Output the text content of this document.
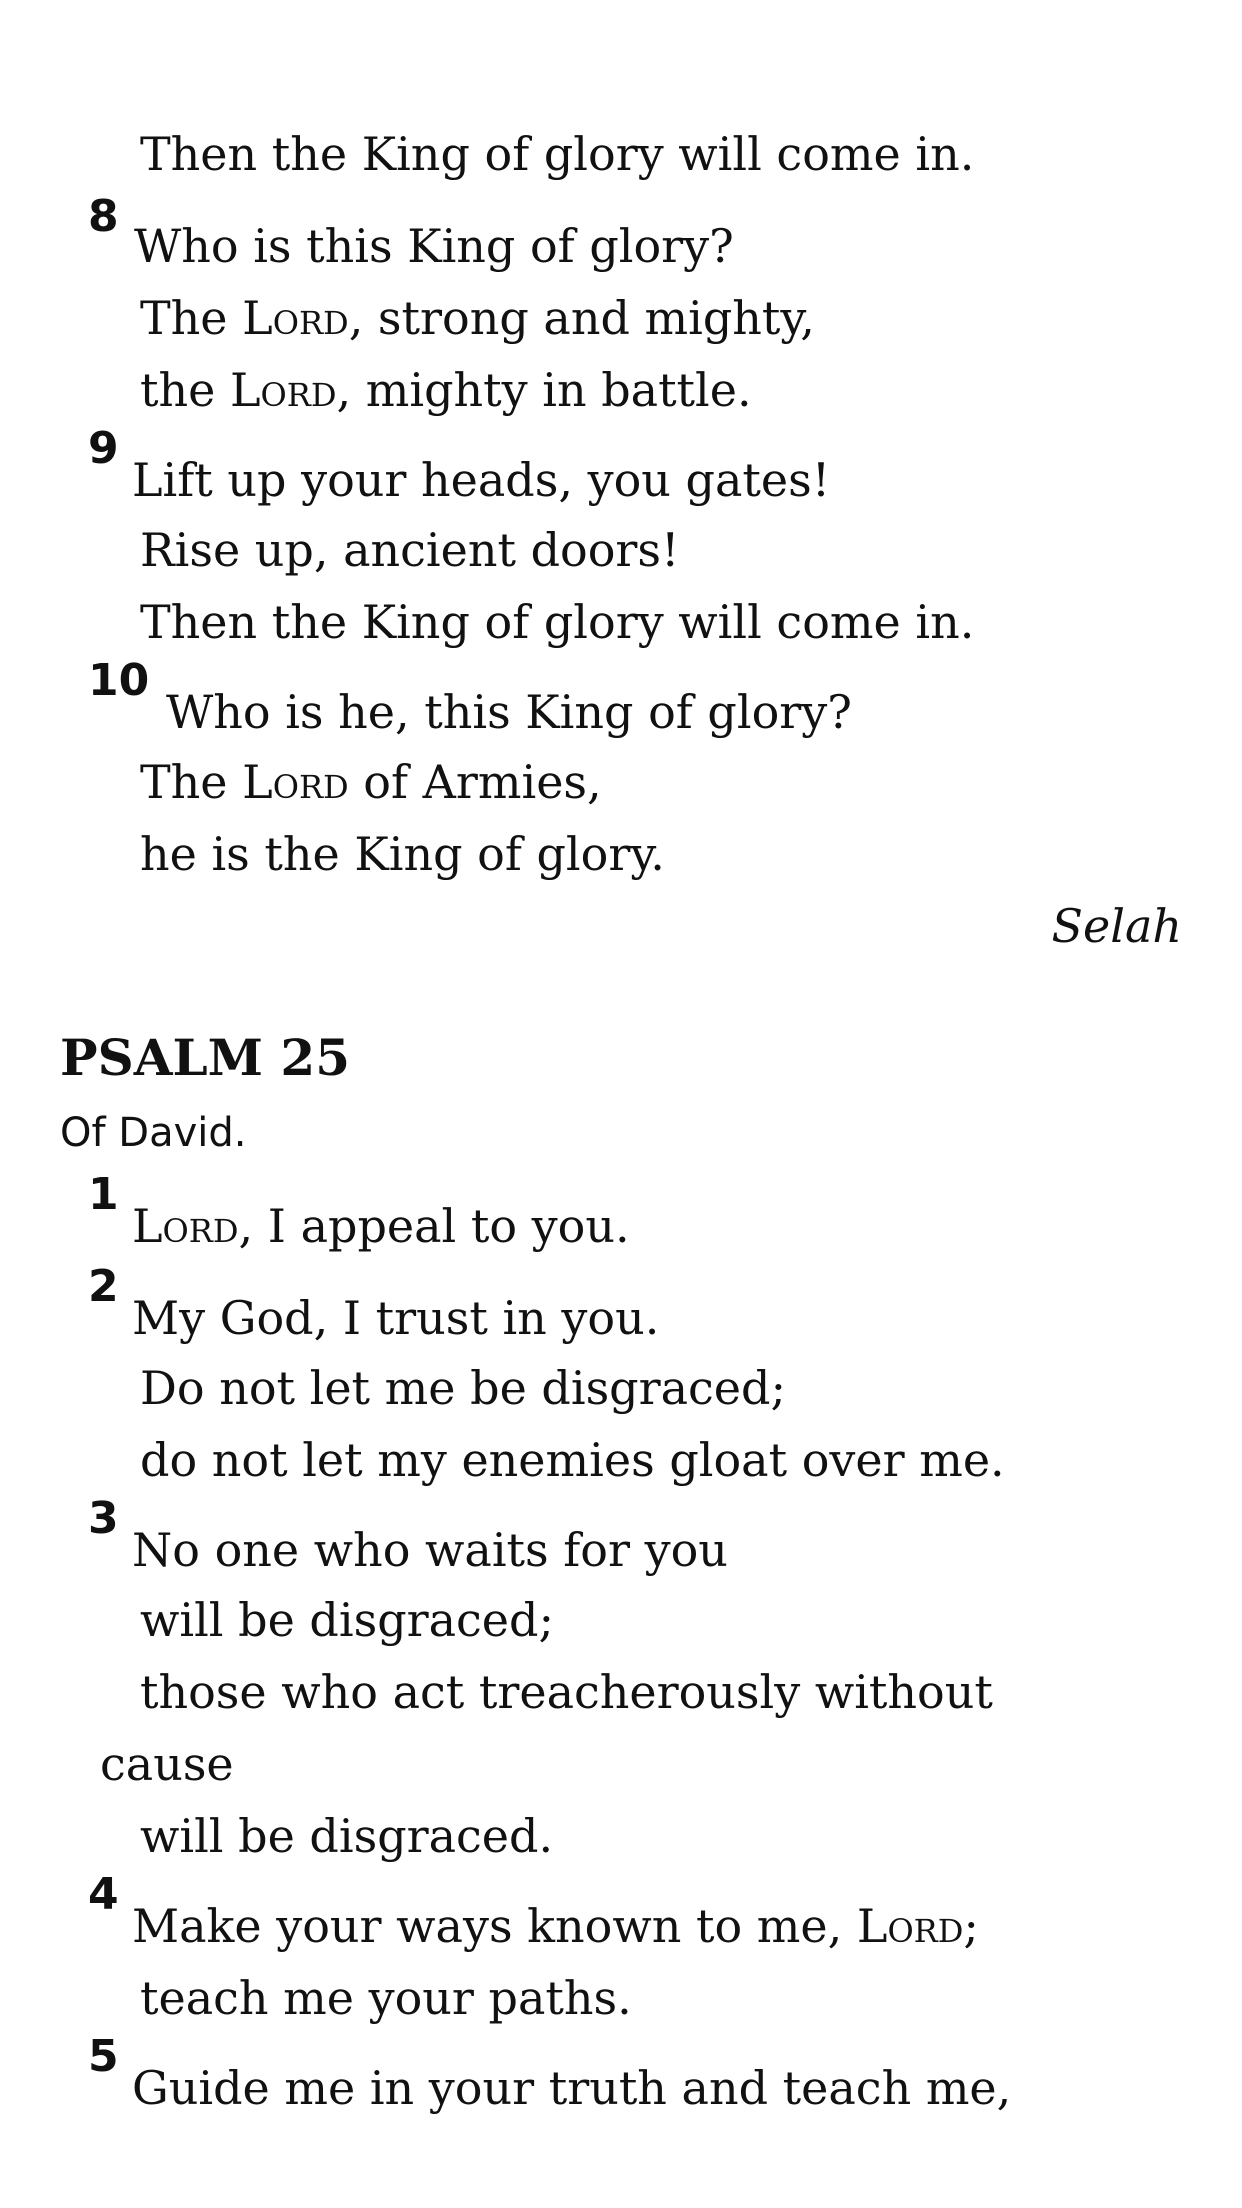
Then the King of glory will come in.
8
Who is this King of glory?
The Lord, strong and mighty,
the Lord, mighty in battle.
9
Lift up your heads, you gates!
Rise up, ancient doors!
Then the King of glory will come in.
10
Who is he, this King of glory?
The Lord of Armies,
he is the King of glory.
Selah
PSALM 25
Of David.
1
Lord, I appeal to you.
2
My God, I trust in you.
Do not let me be disgraced;
do not let my enemies gloat over me.
3
No one who waits for you
will be disgraced;
those who act treacherously without
cause
will be disgraced.
4
Make your ways known to me, Lord;
teach me your paths.
5
Guide me in your truth and teach me,
